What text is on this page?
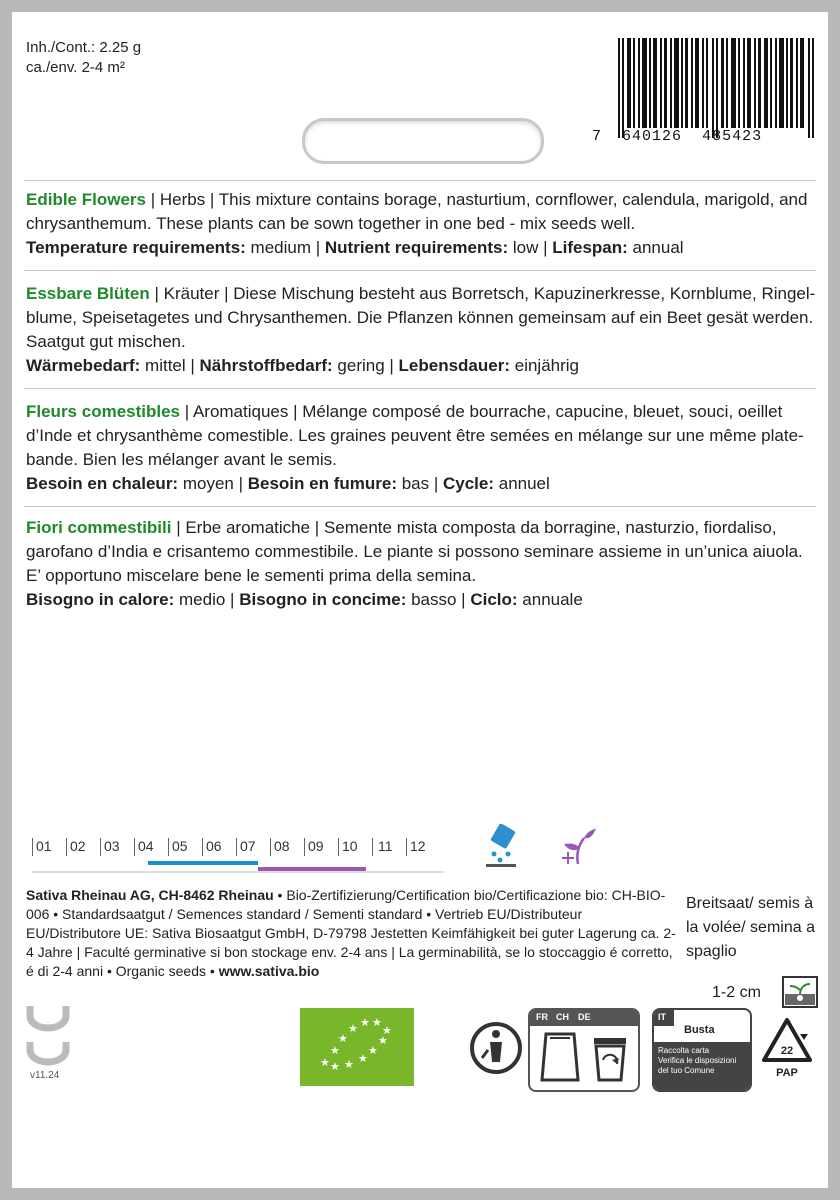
Inh./Cont.: 2.25 g
ca./env. 2-4 m²
7 640126 485423
Edible Flowers | Herbs | This mixture contains borage, nasturtium, cornflower, calendula, marigold, and chrysanthemum. These plants can be sown together in one bed - mix seeds well.
Temperature requirements: medium | Nutrient requirements: low | Lifespan: annual
Essbare Blüten | Kräuter | Diese Mischung besteht aus Borretsch, Kapuzinerkresse, Kornblume, Ringel-blume, Speisetagetes und Chrysanthemen. Die Pflanzen können gemeinsam auf ein Beet gesät werden. Saatgut gut mischen.
Wärmebedarf: mittel | Nährstoffbedarf: gering | Lebensdauer: einjährig
Fleurs comestibles | Aromatiques | Mélange composé de bourrache, capucine, bleuet, souci, oeillet d’Inde et chrysanthème comestible. Les graines peuvent être semées en mélange sur une même plate-bande. Bien les mélanger avant le semis.
Besoin en chaleur: moyen | Besoin en fumure: bas | Cycle: annuel
Fiori commestibili | Erbe aromatiche | Semente mista composta da borragine, nasturzio, fiordaliso, garofano d’India e crisantemo commestibile. Le piante si possono seminare assieme in un’unica aiuola. E’ opportuno miscelare bene le sementi prima della semina.
Bisogno in calore: medio | Bisogno in concime: basso | Ciclo: annuale
01 02 03 04 05 06 07 08 09 10 11 12
Sativa Rheinau AG, CH-8462 Rheinau • Bio-Zertifizierung/Certification bio/Certificazione bio: CH-BIO-006 • Standardsaatgut / Semences standard / Sementi standard • Vertrieb EU/Distributeur EU/Distributore UE: Sativa Biosaatgut GmbH, D-79798 Jestetten Keimfähigkeit bei guter Lagerung ca. 2-4 Jahre | Faculté germinative si bon stockage env. 2-4 ans | La germinabilità, se lo stoccaggio é corretto, é di 2-4 anni • Organic seeds • www.sativa.bio
Breitsaat/ semis à la volée/ semina a spaglio
1-2 cm
v11.24
★
★
★
★ ★ ★
★
★ ★ ★
★
★
FR CH DE	IT
Busta
Raccolta carta
Verifica le disposizioni del tuo Comune
22
PAP
